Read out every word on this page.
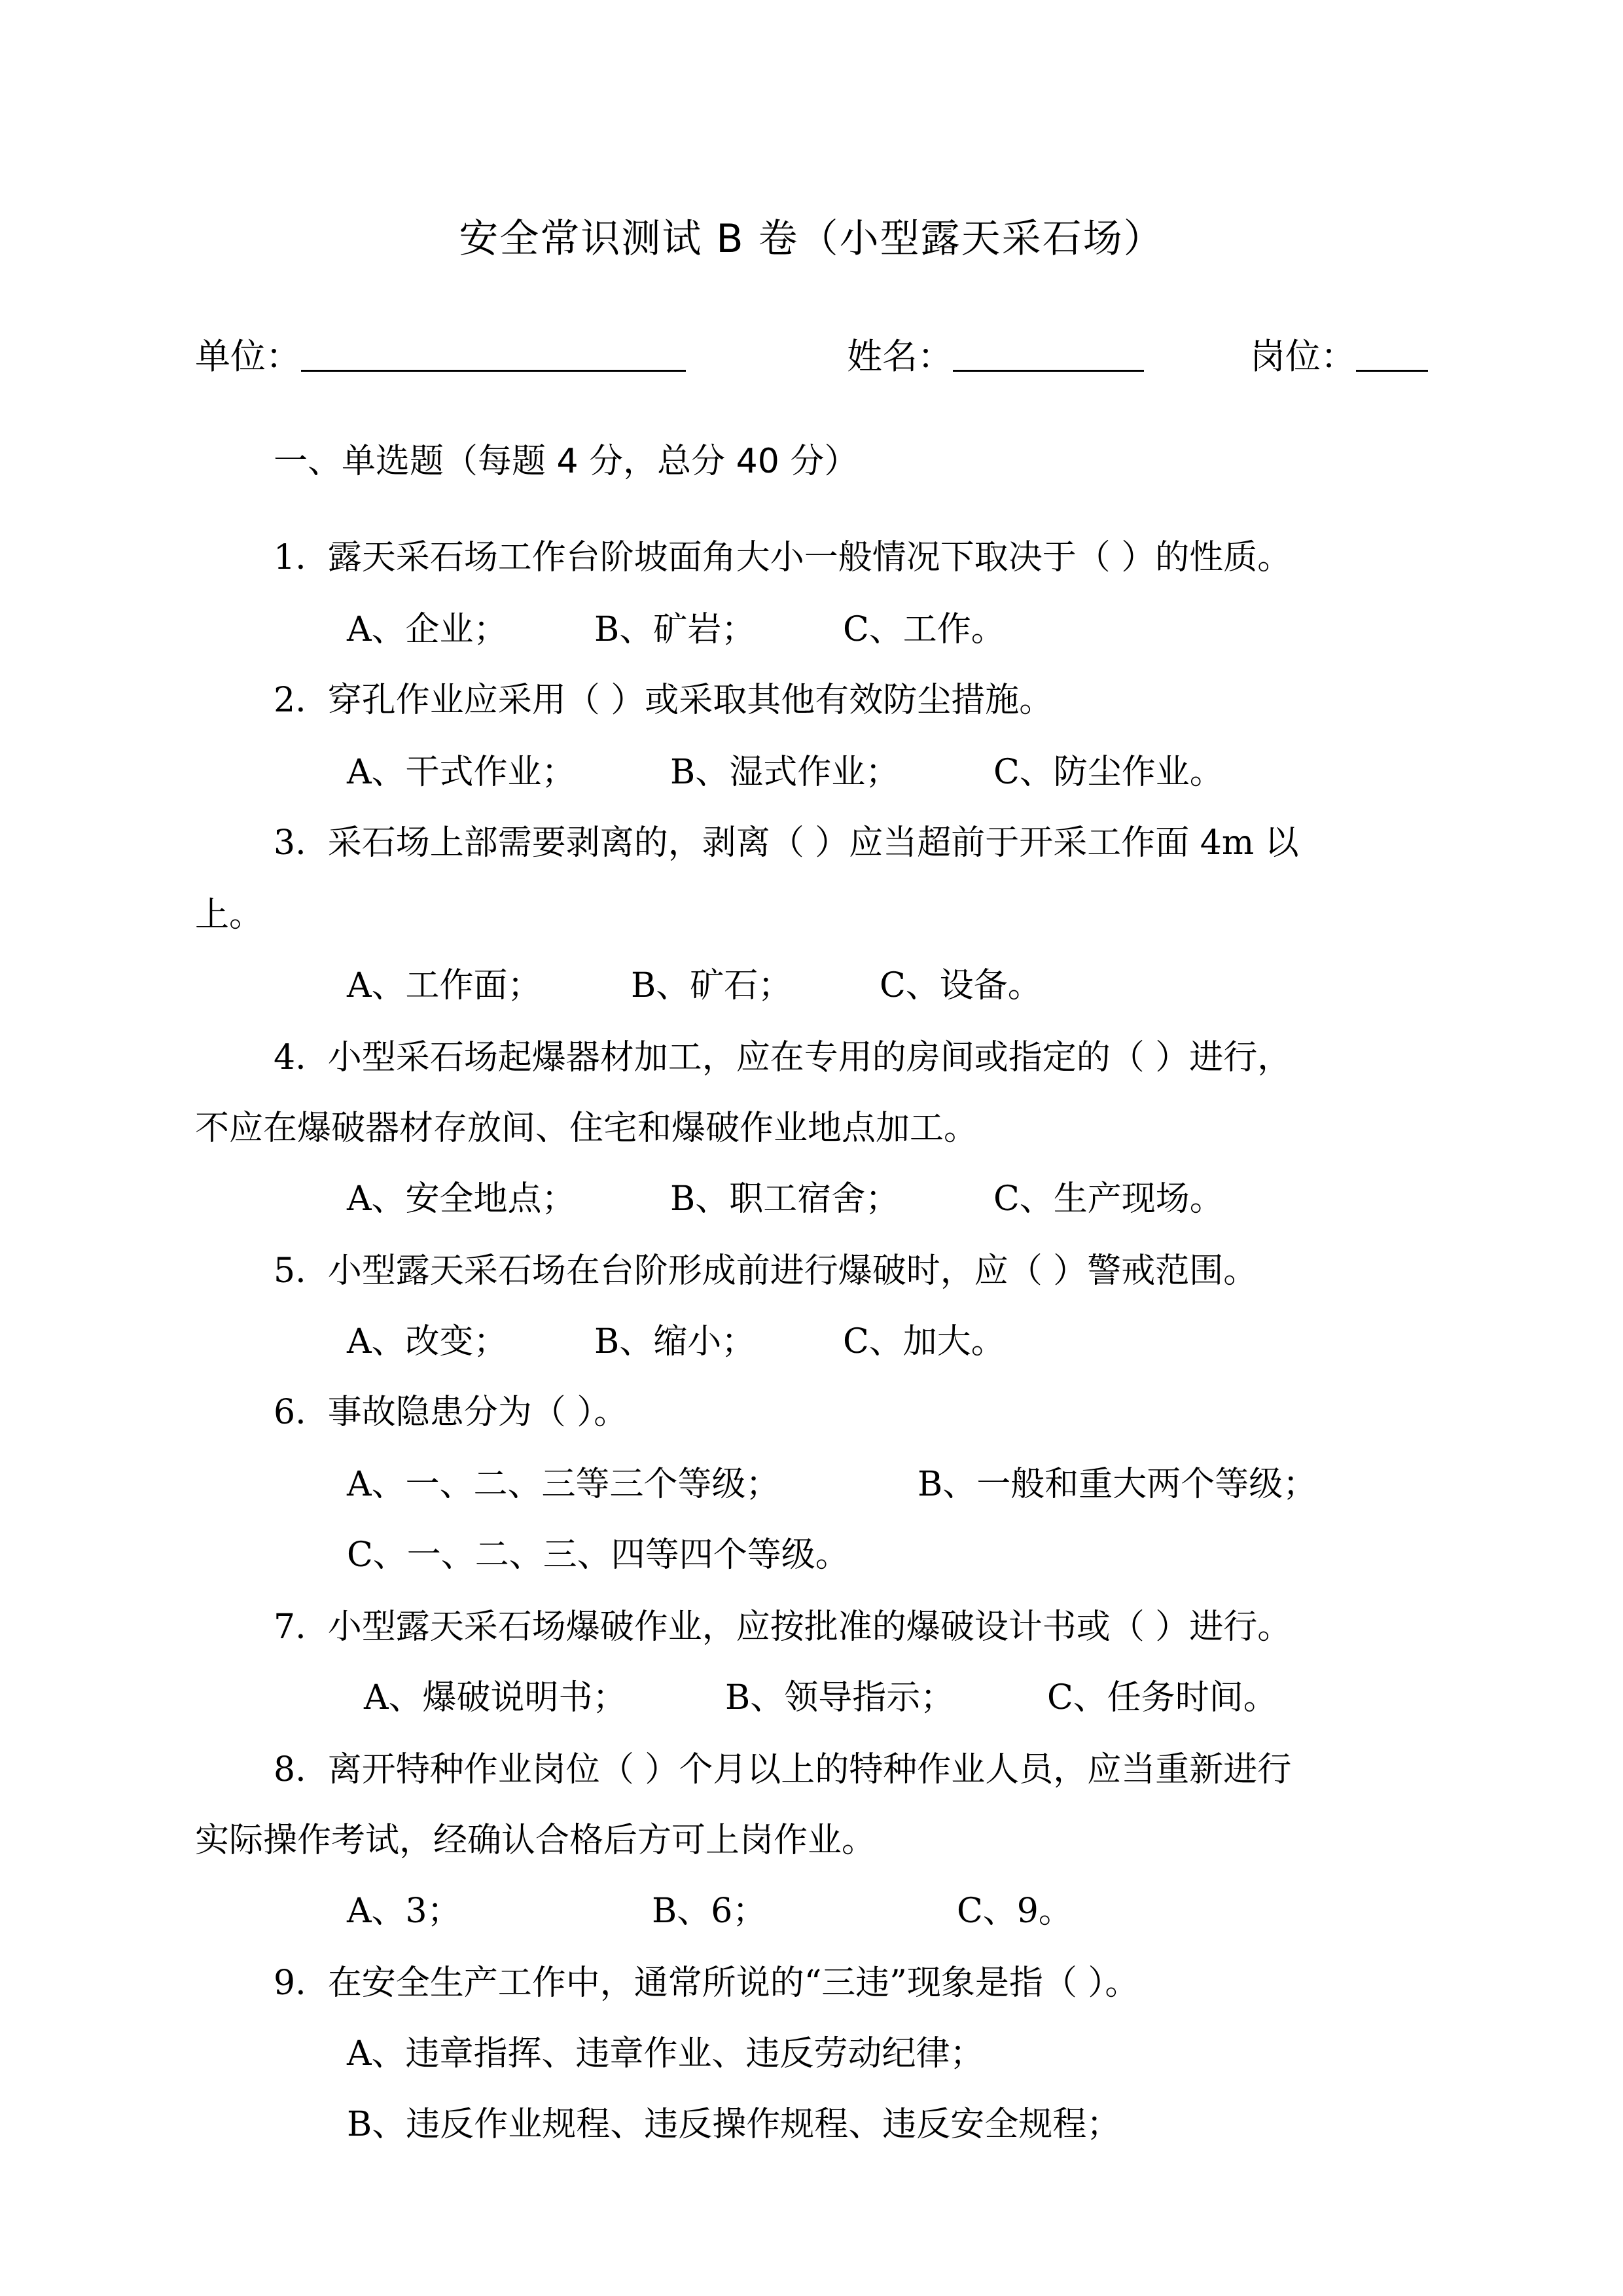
安全常识测试 B 卷（小型露天采石场）
单位：	姓名：	岗位：
一、单选题（每题 4 分，总分 40 分）
1. 露天采石场工作台阶坡面角大小一般情况下取决于（ ）的性质。
A、企业；	B、矿岩；	C、工作。
2. 穿孔作业应采用（ ）或采取其他有效防尘措施。
A、干式作业；	B、湿式作业；	C、防尘作业。
3. 采石场上部需要剥离的，剥离（ ）应当超前于开采工作面 4m 以
上。
A、工作面；	B、矿石；	C、设备。
4. 小型采石场起爆器材加工，应在专用的房间或指定的（ ）进行，
不应在爆破器材存放间、住宅和爆破作业地点加工。
A、安全地点；	B、职工宿舍；	C、生产现场。
5. 小型露天采石场在台阶形成前进行爆破时，应（ ）警戒范围。
A、改变；	B、缩小；	C、加大。
6. 事故隐患分为（ ）。
A、一、二、三等三个等级；	B、一般和重大两个等级；
C、一、二、三、四等四个等级。
7. 小型露天采石场爆破作业，应按批准的爆破设计书或（ ）进行。
A、爆破说明书；	B、领导指示；	C、任务时间。
8. 离开特种作业岗位（ ）个月以上的特种作业人员，应当重新进行
实际操作考试，经确认合格后方可上岗作业。
A、3；	B、6；	C、9。
9. 在安全生产工作中，通常所说的“三违”现象是指（ ）。
A、违章指挥、违章作业、违反劳动纪律；
B、违反作业规程、违反操作规程、违反安全规程；
